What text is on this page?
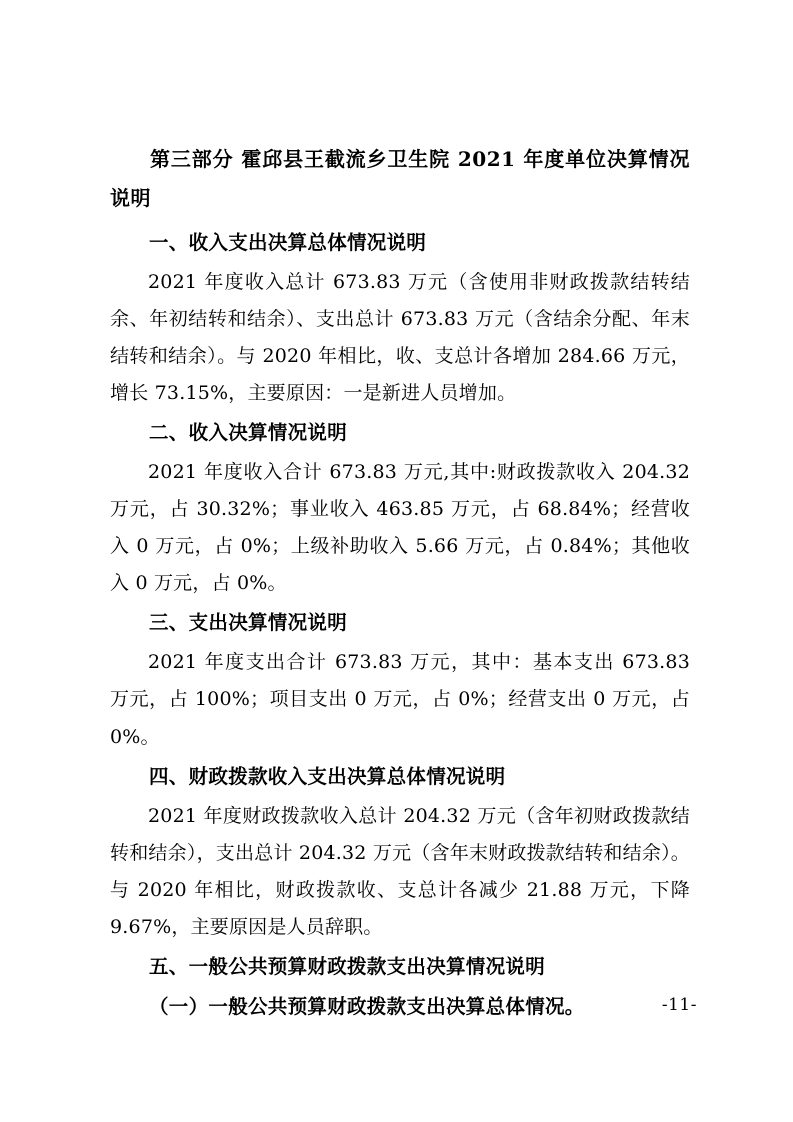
第三部分 霍邱县王截流乡卫生院 2021 年度单位决算情况说明

一、收入支出决算总体情况说明

2021 年度收入总计 673.83 万元（含使用非财政拨款结转结余、年初结转和结余）、支出总计 673.83 万元（含结余分配、年末结转和结余）。与 2020 年相比，收、支总计各增加 284.66 万元，增长 73.15%，主要原因：一是新进人员增加。

二、收入决算情况说明

2021 年度收入合计 673.83 万元,其中:财政拨款收入 204.32 万元，占 30.32%；事业收入 463.85 万元，占 68.84%；经营收入 0 万元，占 0%；上级补助收入 5.66 万元，占 0.84%；其他收入 0 万元，占 0%。

三、支出决算情况说明

2021 年度支出合计 673.83 万元，其中：基本支出 673.83 万元，占 100%；项目支出 0 万元，占 0%；经营支出 0 万元，占 0%。

四、财政拨款收入支出决算总体情况说明

2021 年度财政拨款收入总计 204.32 万元（含年初财政拨款结转和结余），支出总计 204.32 万元（含年末财政拨款结转和结余）。与 2020 年相比，财政拨款收、支总计各减少 21.88 万元，下降 9.67%，主要原因是人员辞职。

五、一般公共预算财政拨款支出决算情况说明

（一）一般公共预算财政拨款支出决算总体情况。	-11-
